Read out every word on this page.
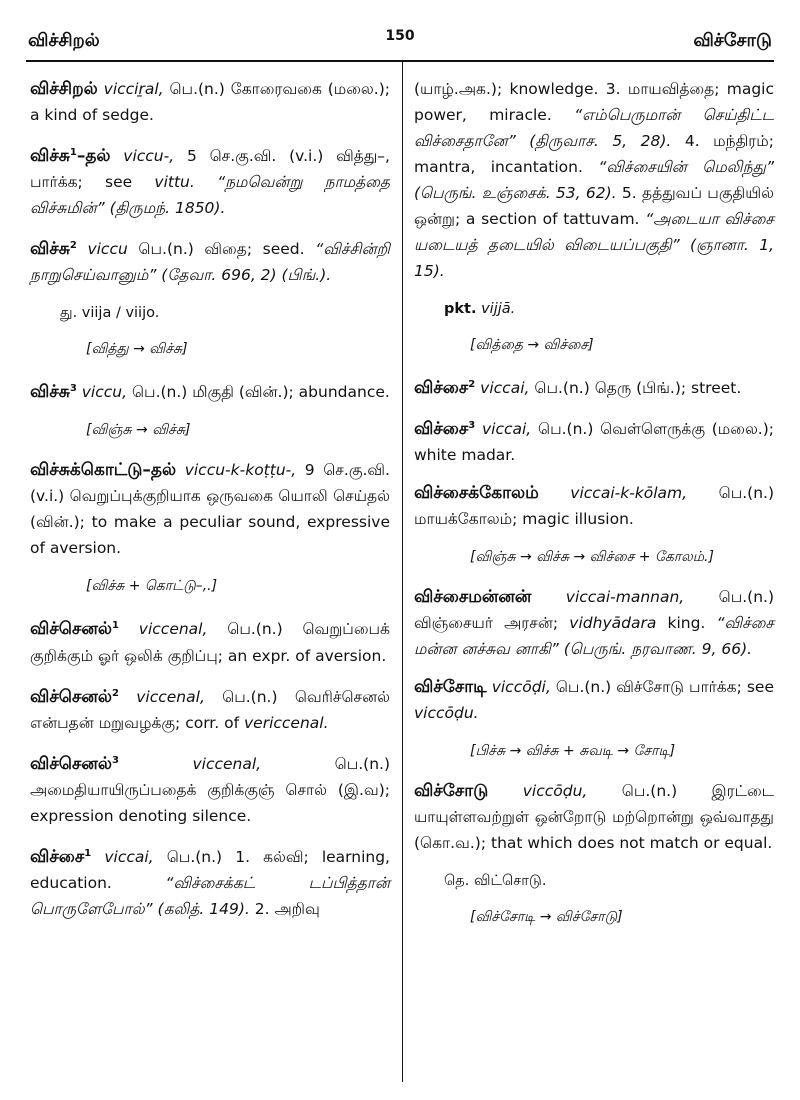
விச்சிறல்	150	விச்சோடு

விச்சிறல் vicciṟal, பெ.(n.) கோரைவகை (மலை.); a kind of sedge.

விச்சு$^1$–தல் viccu-, 5 செ.கு.வி. (v.i.) வித்து–, பார்க்க; see vittu. “நமவென்று நாமத்தை விச்சுமின்” (திருமந். 1850).

விச்சு$^2$ viccu பெ.(n.) விதை; seed. “விச்சின்றி நாறுசெய்வானும்” (தேவா. 696, 2) (பிங்.).

து. viija / viijo.
[வித்து → விச்சு]

விச்சு$^3$ viccu, பெ.(n.) மிகுதி (வின்.); abundance.

[விஞ்சு → விச்சு]

விச்சுக்கொட்டு–தல் viccu-k-koṭṭu-, 9 செ.கு.வி. (v.i.) வெறுப்புக்குறியாக ஒருவகை யொலி செய்தல் (வின்.); to make a peculiar sound, expressive of aversion.

[விச்சு + கொட்டு–,.]

விச்செனல்$^1$ viccenal, பெ.(n.) வெறுப்பைக் குறிக்கும் ஓர் ஒலிக் குறிப்பு; an expr. of aversion.

விச்செனல்$^2$ viccenal, பெ.(n.) வெரிச்செனல் என்பதன் மறுவழக்கு; corr. of vericcenal.

விச்செனல்$^3$	viccenal,	பெ.(n.) அமைதியாயிருப்பதைக் குறிக்குஞ் சொல் (இ.வ); expression denoting silence.

விச்சை$^1$ viccai, பெ.(n.) 1. கல்வி; learning, education.	“விச்சைக்கட் டப்பித்தான் பொருளேபோல்” (கலித். 149). 2. அறிவு

(யாழ்.அக.); knowledge. 3. மாயவித்தை; magic power, miracle. “எம்பெருமான் செய்திட்ட விச்சைதானே” (திருவாச. 5, 28). 4. மந்திரம்; mantra, incantation. “விச்சையின் மெலிந்து” (பெருங். உஞ்சைக். 53, 62). 5. தத்துவப் பகுதியில் ஒன்று; a section of tattuvam. “அடையா விச்சை யடையத் தடையில் விடையப்பகுதி” (ஞானா. 1, 15).

pkt. vijjā.
[வித்தை → விச்சை]

விச்சை$^2$ viccai, பெ.(n.) தெரு (பிங்.); street.

விச்சை$^3$ viccai, பெ.(n.) வெள்ளெருக்கு (மலை.); white madar.

விச்சைக்கோலம் viccai-k-kōlam, பெ.(n.) மாயக்கோலம்; magic illusion.

[விஞ்சு → விச்சு → விச்சை + கோலம்.]

விச்சைமன்னன் viccai-mannan, பெ.(n.) விஞ்சையர் அரசன்; vidhyādara king. “விச்சை மன்ன னச்சுவ னாகி” (பெருங். நரவாண. 9, 66).

விச்சோடி viccōḍi, பெ.(n.) விச்சோடு பார்க்க; see viccōḍu.

[பிச்சு → விச்சு + சுவடி → சோடி]

விச்சோடு viccōḍu, பெ.(n.) இரட்டை யாயுள்ளவற்றுள் ஒன்றோடு மற்றொன்று ஒவ்வாதது (கொ.வ.); that which does not match or equal.

தெ. விட்சொடு.
[விச்சோடி → விச்சோடு]
